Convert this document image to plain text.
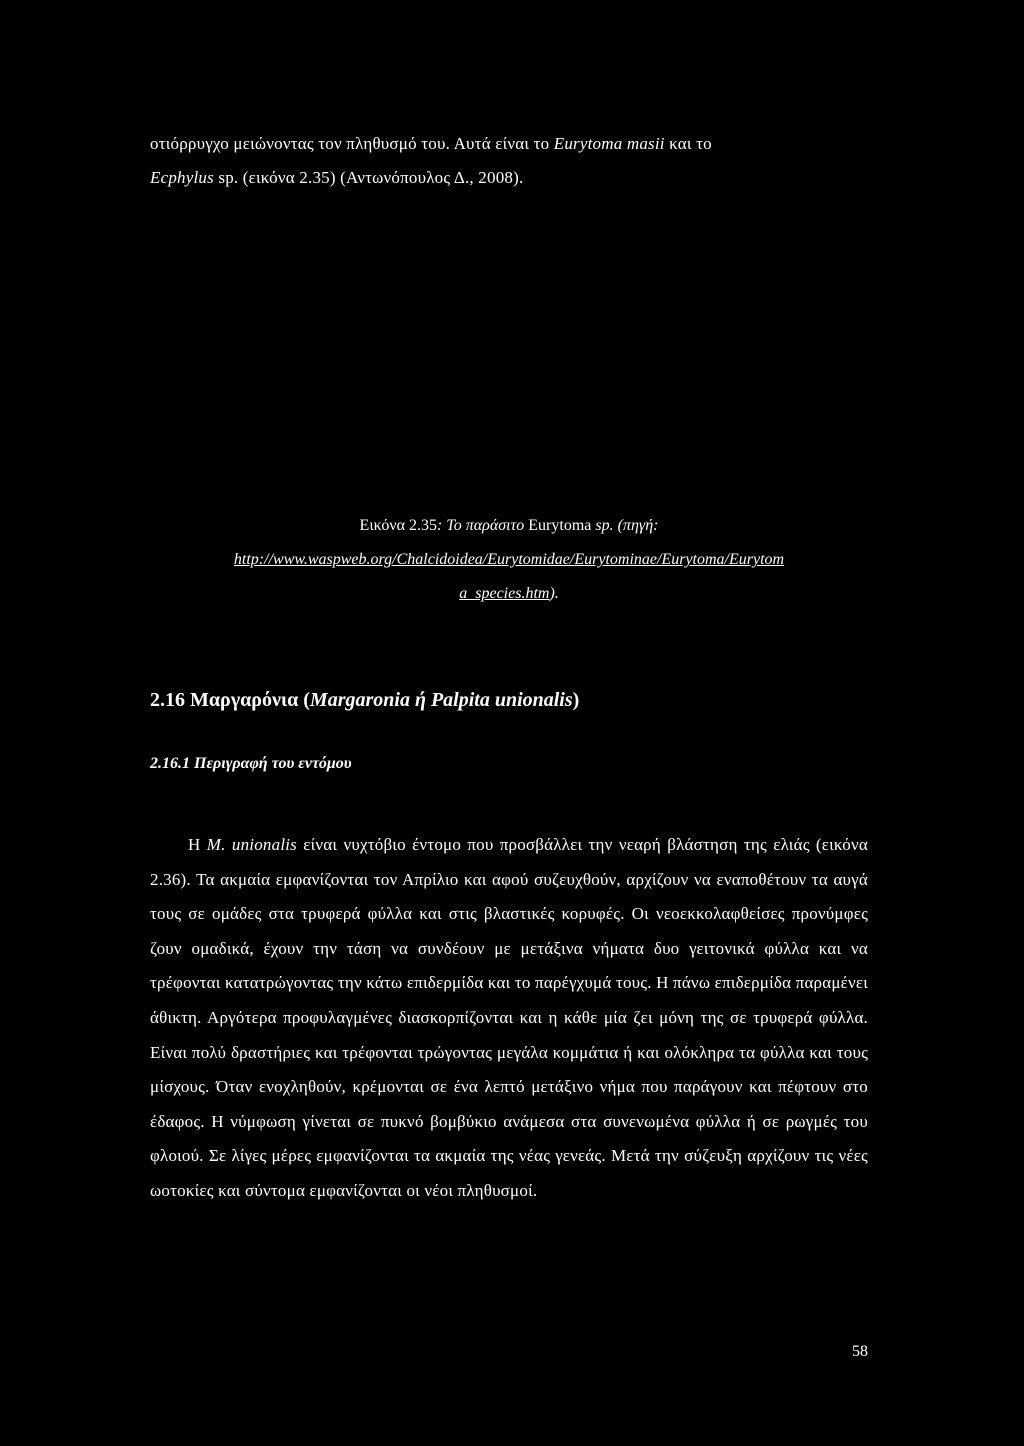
οτιόρρυγχο μειώνοντας τον πληθυσμό του. Αυτά είναι το Eurytoma masii και το
Ecphylus sp. (εικόνα 2.35) (Αντωνόπουλος Δ., 2008).

Εικόνα 2.35: Το παράσιτο Eurytoma sp. (πηγή:
http://www.waspweb.org/Chalcidoidea/Eurytomidae/Eurytominae/Eurytoma/Eurytom
a_species.htm).
2.16 Μαργαρόνια (Margaronia ή Palpita unionalis)
2.16.1 Περιγραφή του εντόμου

Η M. unionalis είναι νυχτόβιο έντομο που προσβάλλει την νεαρή βλάστηση της ελιάς (εικόνα 2.36). Τα ακμαία εμφανίζονται τον Απρίλιο και αφού συζευχθούν, αρχίζουν να εναποθέτουν τα αυγά τους σε ομάδες στα τρυφερά φύλλα και στις βλαστικές κορυφές. Οι νεοεκκολαφθείσες προνύμφες ζουν ομαδικά, έχουν την τάση να συνδέουν με μετάξινα νήματα δυο γειτονικά φύλλα και να τρέφονται κατατρώγοντας την κάτω επιδερμίδα και το παρέγχυμά τους. Η πάνω επιδερμίδα παραμένει άθικτη. Αργότερα προφυλαγμένες διασκορπίζονται και η κάθε μία ζει μόνη της σε τρυφερά φύλλα. Είναι πολύ δραστήριες και τρέφονται τρώγοντας μεγάλα κομμάτια ή και ολόκληρα τα φύλλα και τους μίσχους. Όταν ενοχληθούν, κρέμονται σε ένα λεπτό μετάξινο νήμα που παράγουν και πέφτουν στο έδαφος. Η νύμφωση γίνεται σε πυκνό βομβύκιο ανάμεσα στα συνενωμένα φύλλα ή σε ρωγμές του φλοιού. Σε λίγες μέρες εμφανίζονται τα ακμαία της νέας γενεάς. Μετά την σύζευξη αρχίζουν τις νέες ωοτοκίες και σύντομα εμφανίζονται οι νέοι πληθυσμοί.

58
